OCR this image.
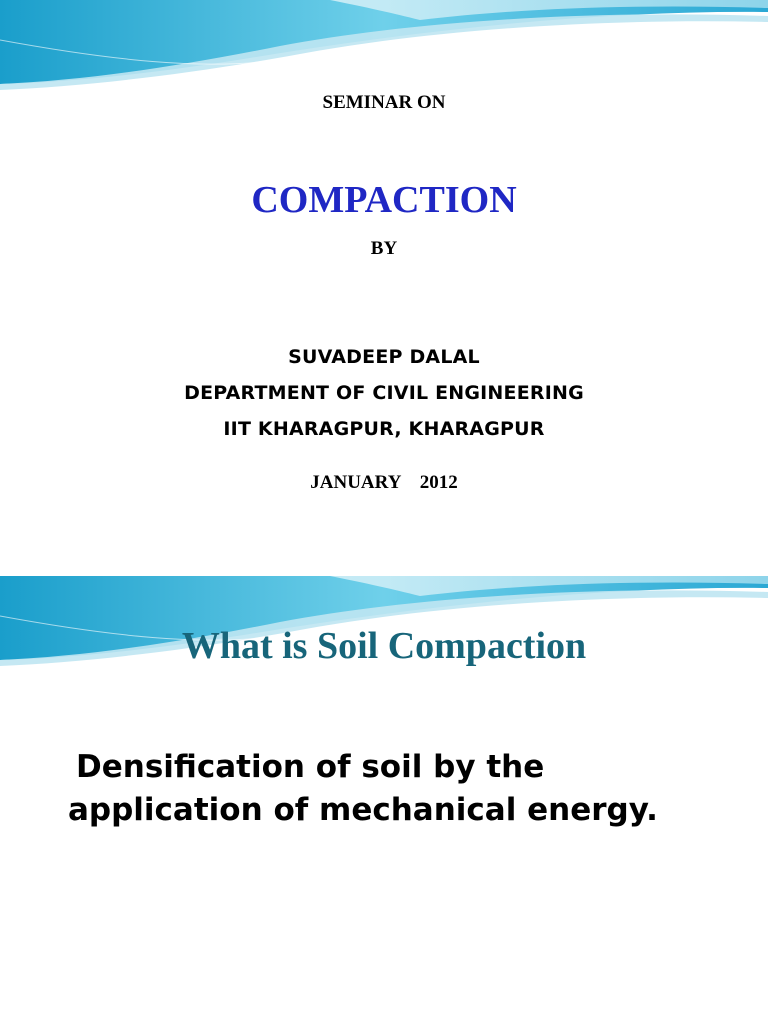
SEMINAR ON
COMPACTION
BY
SUVADEEP DALAL
DEPARTMENT OF CIVIL ENGINEERING
IIT KHARAGPUR, KHARAGPUR
JANUARY    2012
What is Soil Compaction
Densification of soil by the
application of mechanical energy.
